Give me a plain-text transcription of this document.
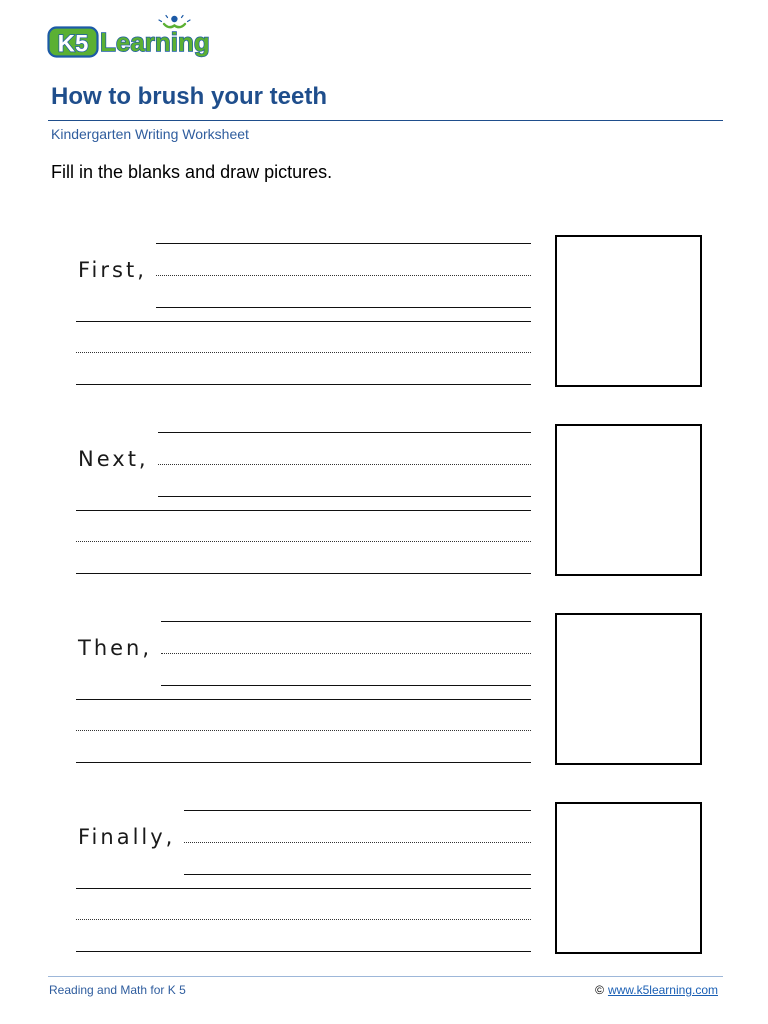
K5 Learning
How to brush your teeth
Kindergarten Writing Worksheet
Fill in the blanks and draw pictures.
First,
Next,
Then,
Finally,
Reading and Math for K 5	© www.k5learning.com
